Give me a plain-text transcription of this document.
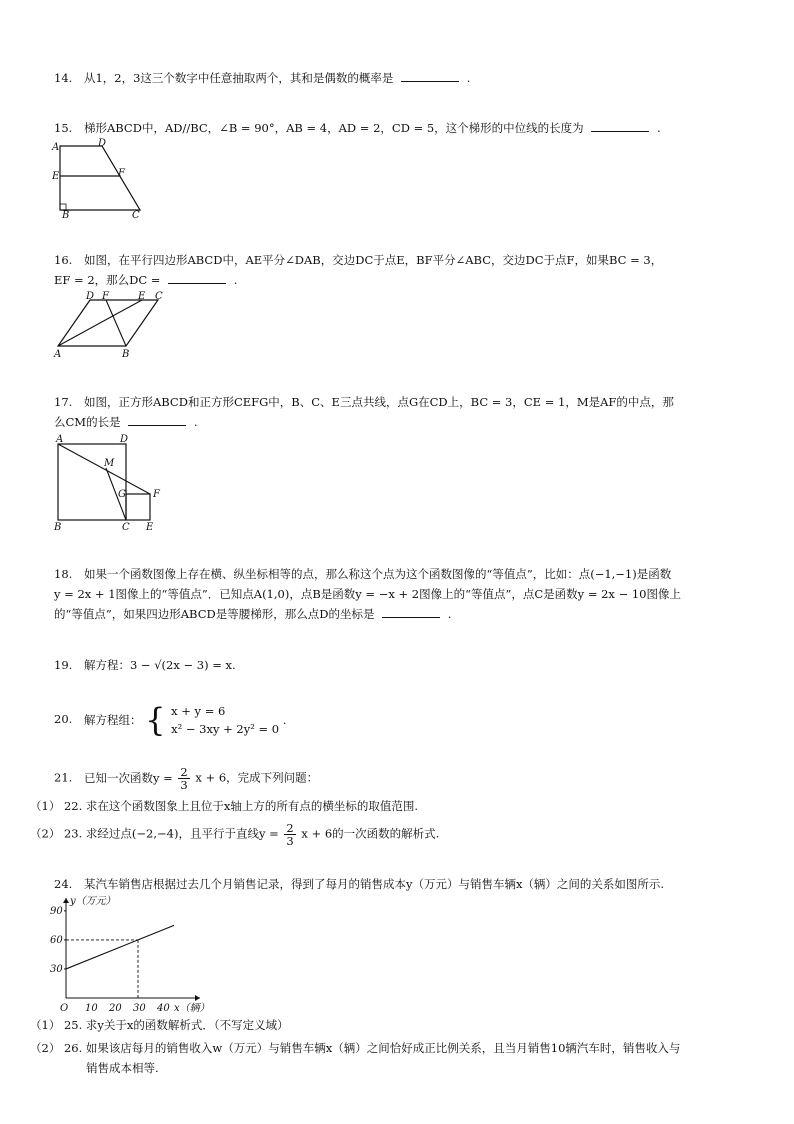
14. 从1，2，3这三个数字中任意抽取两个，其和是偶数的概率是	.
15. 梯形ABCD中，AD//BC，∠B = 90°，AB = 4，AD = 2，CD = 5，这个梯形的中位线的长度为	.
A	D
E	F
B	C
16. 如图，在平行四边形ABCD中，AE平分∠DAB，交边DC于点E，BF平分∠ABC，交边DC于点F，如果BC = 3，
EF = 2，那么DC =	.
D F	E C
A	B
17. 如图，正方形ABCD和正方形CEFG中，B、C、E三点共线，点G在CD上，BC = 3，CE = 1，M是AF的中点，那
么CM的长是	.
A	D
M
G	F
B	C E
18. 如果一个函数图像上存在横、纵坐标相等的点，那么称这个点为这个函数图像的“等值点”，比如：点(−1,−1)是函数
y = 2x + 1图像上的“等值点”．已知点A(1,0)，点B是函数y = −x + 2图像上的“等值点”，点C是函数y = 2x − 10图像上
的“等值点”，如果四边形ABCD是等腰梯形，那么点D的坐标是	.
19. 解方程：3 − √(2x − 3) = x.
20. 解方程组： { x + y = 6
x² − 3xy + 2y² = 0 .
21. 已知一次函数$y = \frac{2}{3}$ x + 6，完成下列问题：
（1） 22. 求在这个函数图象上且位于x轴上方的所有点的横坐标的取值范围.
（2） 23. 求经过点(−2,−4)，且平行于直线$y = \frac{2}{3}$ x + 6的一次函数的解析式.
24. 某汽车销售店根据过去几个月销售记录，得到了每月的销售成本y（万元）与销售车辆x（辆）之间的关系如图所示.
y（万元）
x（辆）
O 10 20 30 40
90
60
30
（1） 25. 求y关于x的函数解析式．（不写定义域）
（2） 26. 如果该店每月的销售收入w（万元）与销售车辆x（辆）之间恰好成正比例关系，且当月销售10辆汽车时，销售收入与
销售成本相等.
